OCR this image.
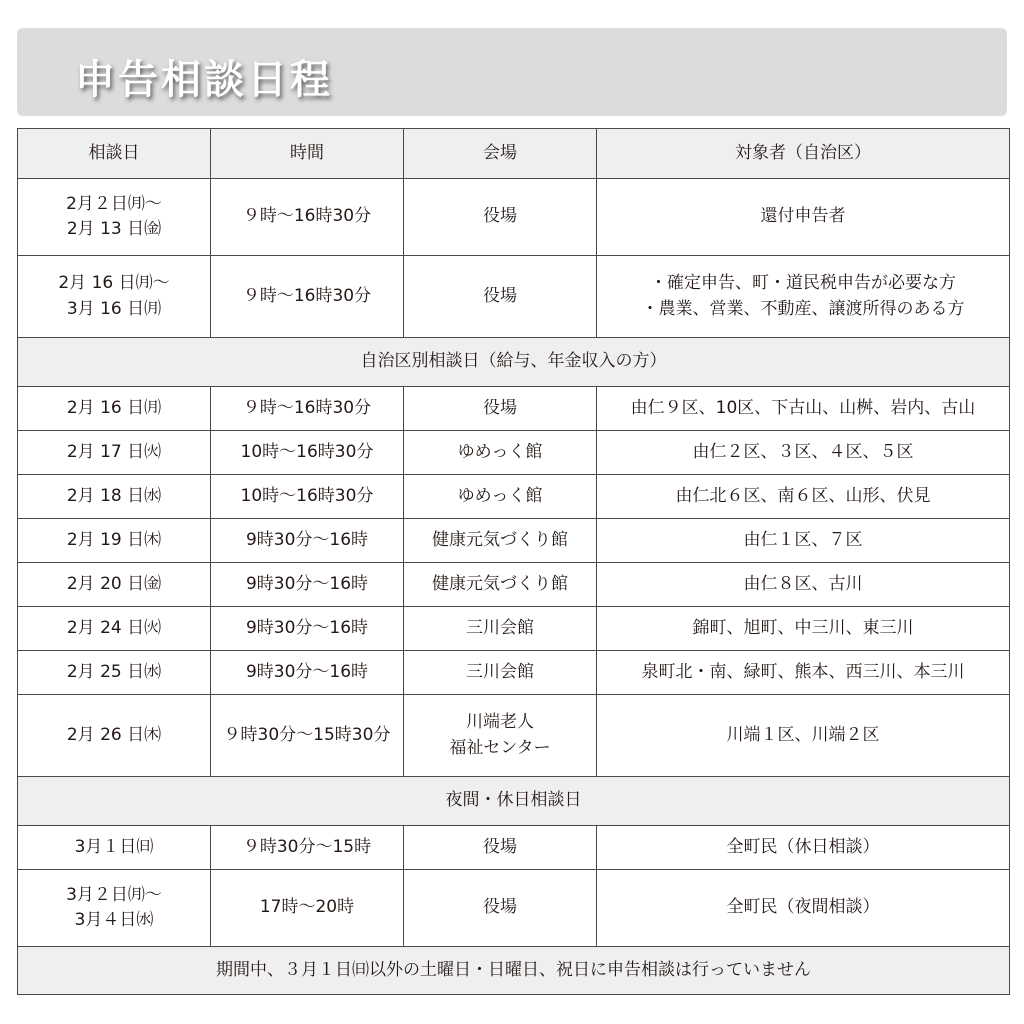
申告相談日程
相談日	時間	会場	対象者（自治区）

2月２日㈪～
2月 13 日㈮	９時～16時30分	役場	還付申告者

2月 16 日㈪～
3月 16 日㈪	９時～16時30分	役場	・ 確定申告、町・道民税申告が必要な方
・ 農業、営業、不動産、譲渡所得のある方

自治区別相談日（給与、年金収入の方）			
2月 16 日㈪	９時～16時30分	役場	由仁９区、10区、下古山、山桝、岩内、古山
2月 17 日㈫	10時～16時30分	ゆめっく館	由仁２区、３区、４区、５区
2月 18 日㈬	10時～16時30分	ゆめっく館	由仁北６区、南６区、山形、伏見
2月 19 日㈭	9時30分～16時	健康元気づくり館	由仁１区、７区
2月 20 日㈮	9時30分～16時	健康元気づくり館	由仁８区、古川
2月 24 日㈫	9時30分～16時	三川会館	錦町、旭町、中三川、東三川
2月 25 日㈬	9時30分～16時	三川会館	泉町北・南、緑町、熊本、西三川、本三川
2月 26 日㈭	９時30分～15時30分	川端老人
福祉センター	川端１区、川端２区
夜間・休日相談日			
3月１日㈰	９時30分～15時	役場	全町民（休日相談）

3月２日㈪～
3月４日㈬	17時～20時	役場	全町民（夜間相談）
期間中、３月１日㈰以外の土曜日・日曜日、祝日に申告相談は行っていません			
